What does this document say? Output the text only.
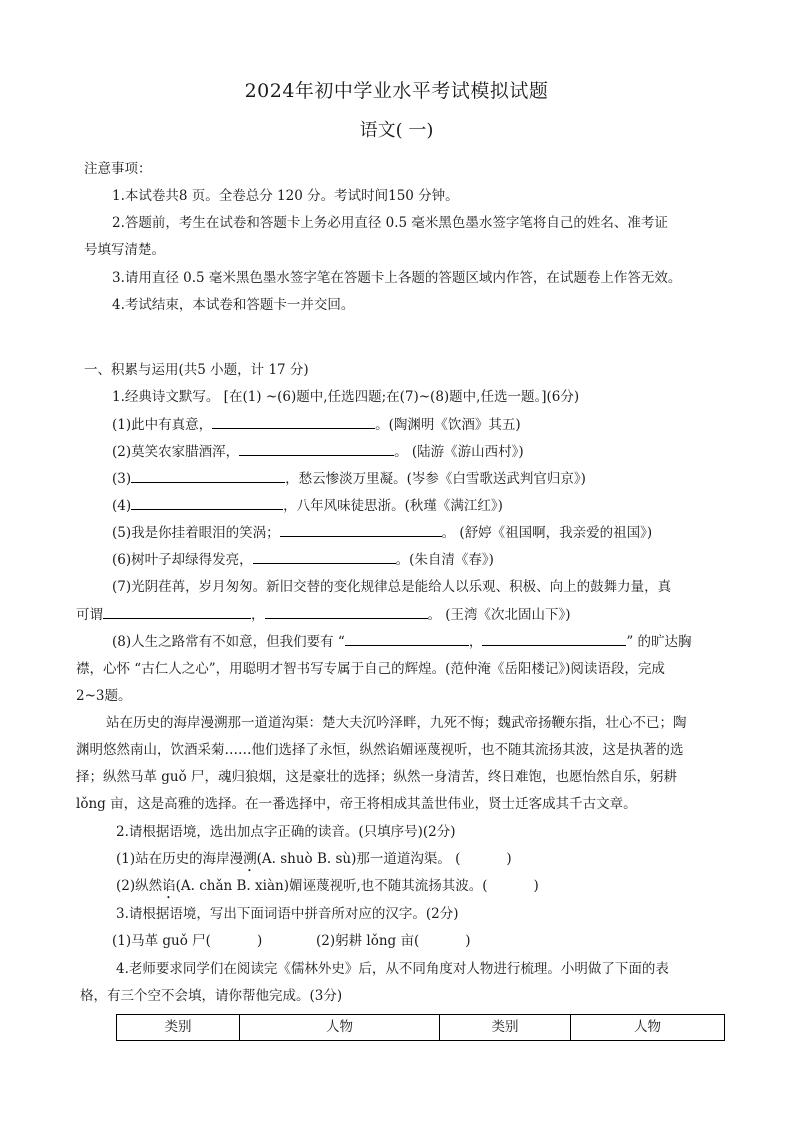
2024年初中学业水平考试模拟试题
语文( 一)
注意事项：
1.本试卷共8 页。全卷总分 120 分。考试时间150 分钟。
2.答题前，考生在试卷和答题卡上务必用直径 0.5 毫米黑色墨水签字笔将自己的姓名、准考证
号填写清楚。
3.请用直径 0.5 毫米黑色墨水签字笔在答题卡上各题的答题区域内作答，在试题卷上作答无效。
4.考试结束，本试卷和答题卡一并交回。
一、积累与运用(共5 小题，计 17 分)
1.经典诗文默写。 [在(1) ~(6)题中,任选四题;在(7)~(8)题中,任选一题。](6分)
(1)此中有真意，	。(陶渊明《饮酒》其五)
(2)莫笑农家腊酒浑，	。 (陆游《游山西村》)
(3)	，愁云惨淡万里凝。(岑参《白雪歌送武判官归京》)
(4)	，八年风味徒思浙。(秋瑾《满江红》)
(5)我是你挂着眼泪的笑涡；	。 (舒婷《祖国啊，我亲爱的祖国》)
(6)树叶子却绿得发亮，	。(朱自清《春》)
(7)光阴荏苒，岁月匆匆。新旧交替的变化规律总是能给人以乐观、积极、向上的鼓舞力量，真
可谓	，	。 (王湾《次北固山下》)
(8)人生之路常有不如意，但我们要有 “	，	” 的旷达胸
襟，心怀 “古仁人之心”，用聪明才智书写专属于自己的辉煌。(范仲淹《岳阳楼记》)阅读语段，完成
2~3题。
站在历史的海岸漫溯那一道道沟渠：楚大夫沉吟泽畔，九死不悔；魏武帝扬鞭东指，壮心不已；陶
渊明悠然南山，饮酒采菊……他们选择了永恒，纵然谄媚诬蔑视听，也不随其流扬其波，这是执著的选
择；纵然马革 guǒ 尸，魂归狼烟，这是豪壮的选择；纵然一身清苦，终日难饱，也愿怡然自乐，躬耕
lǒng 亩，这是高雅的选择。在一番选择中，帝王将相成其盖世伟业，贤士迁客成其千古文章。
2.请根据语境，选出加点字正确的读音。(只填序号)(2分)
(1)站在历史的海岸漫溯(A. shuò B. sù)那一道道沟渠。 (	)
(2)纵然谄(A. chǎn B. xiàn)媚诬蔑视听,也不随其流扬其波。(	)
3.请根据语境，写出下面词语中拼音所对应的汉字。(2分)
(1)马革 guǒ 尸(	)	(2)躬耕 lǒng 亩(	)
4.老师要求同学们在阅读完《儒林外史》后，从不同角度对人物进行梳理。小明做了下面的表
格，有三个空不会填，请你帮他完成。(3分)
类别	人物	类别	人物
